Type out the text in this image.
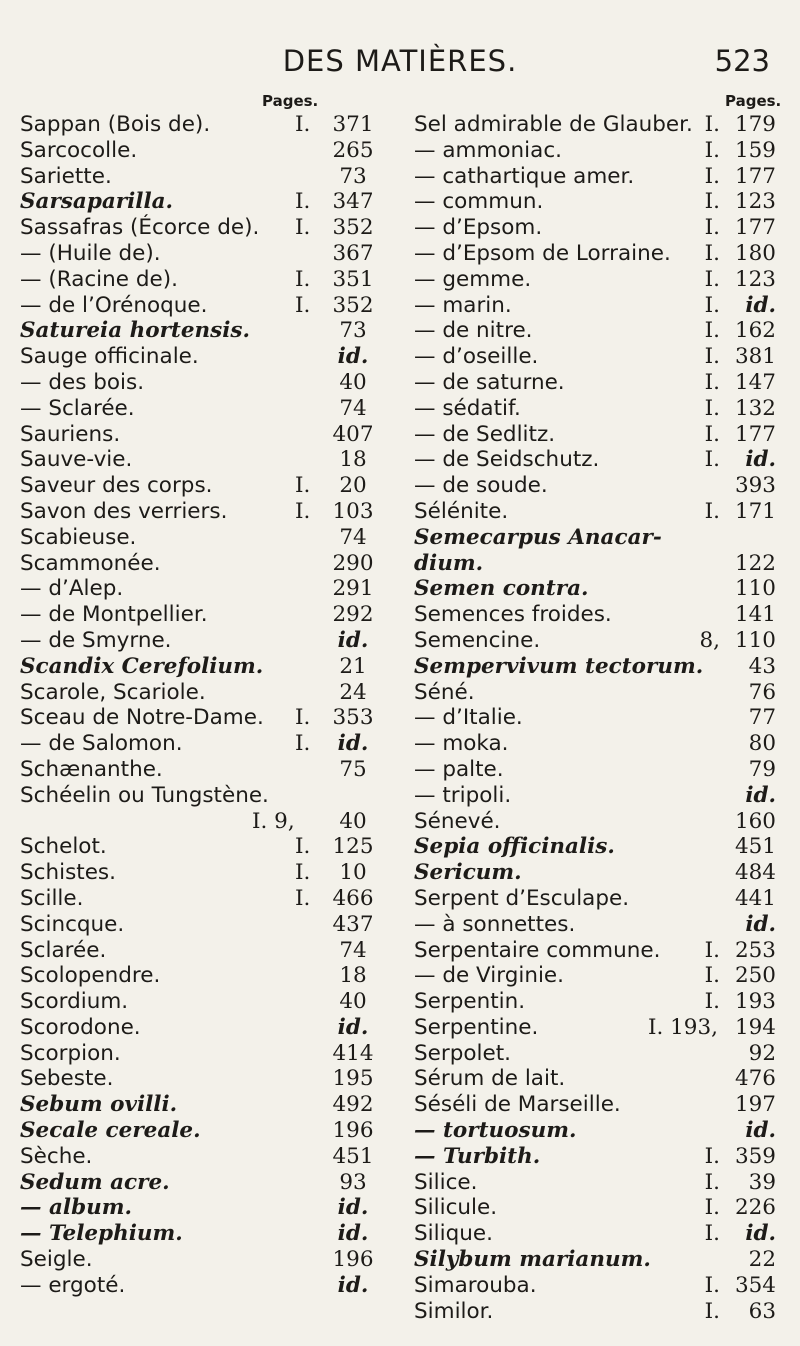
DES MATIÈRES.	523
Pages.	Pages.
Sappan (Bois de).	I. 371
Sarcocolle.	265
Sariette.	73
Sarsaparilla.	I. 347
Sassafras (Écorce de). I. 352
— (Huile de).	367
— (Racine de).	I. 351
— de l’Orénoque.	I. 352
Satureia hortensis.	73
Sauge officinale.	id.
— des bois.	40
— Sclarée.	74
Sauriens.	407
Sauve-vie.	18
Saveur des corps.	I. 20
Savon des verriers.	I. 103
Scabieuse.	74
Scammonée.	290
— d’Alep.	291
— de Montpellier.	292
— de Smyrne.	id.
Scandix Cerefolium.	21
Scarole, Scariole.	24
Sceau de Notre-Dame. I. 353
— de Salomon.	I. id.
Schænanthe.	75
Schéelin ou Tungstène.
I. 9, 40
Schelot.	I. 125
Schistes.	I. 10
Scille.	I. 466
Scincque.	437
Sclarée.	74
Scolopendre.	18
Scordium.	40
Scorodone.	id.
Scorpion.	414
Sebeste.	195
Sebum ovilli.	492
Secale cereale.	196
Sèche.	451
Sedum acre.	93
— album.	id.
— Telephium.	id.
Seigle.	196
— ergoté.	id.
Sel admirable de Glauber. I. 179
— ammoniac.	I. 159
— cathartique amer.	I. 177
— commun.	I. 123
— d’Epsom.	I. 177
— d’Epsom de Lorraine. I. 180
— gemme.	I. 123
— marin.	I. id.
— de nitre.	I. 162
— d’oseille.	I. 381
— de saturne.	I. 147
— sédatif.	I. 132
— de Sedlitz.	I. 177
— de Seidschutz.	I. id.
— de soude.	393
Sélénite.	I. 171
Semecarpus Anacar-
dium.	122
Semen contra.	110
Semences froides.	141
Semencine.	8, 110
Sempervivum tectorum. 43
Séné.	76
— d’Italie.	77
— moka.	80
— palte.	79
— tripoli.	id.
Sénevé.	160
Sepia officinalis.	451
Sericum.	484
Serpent d’Esculape.	441
— à sonnettes.	id.
Serpentaire commune. I. 253
— de Virginie.	I. 250
Serpentin.	I. 193
Serpentine.	I. 193, 194
Serpolet.	92
Sérum de lait.	476
Séséli de Marseille.	197
— tortuosum.	id.
— Turbith.	I. 359
Silice.	I. 39
Silicule.	I. 226
Silique.	I. id.
Silybum marianum.	22
Simarouba.	I. 354
Similor.	I. 63
